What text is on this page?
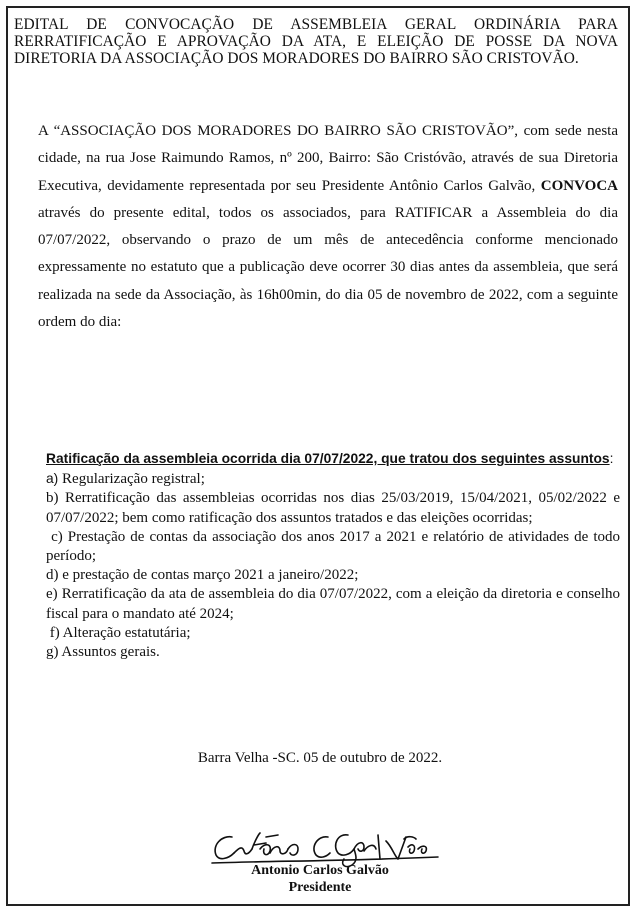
EDITAL DE CONVOCAÇÃO DE ASSEMBLEIA GERAL ORDINÁRIA PARA
RERRATIFICAÇÃO E APROVAÇÃO DA ATA, E ELEIÇÃO DE POSSE DA NOVA
DIRETORIA DA ASSOCIAÇÃO DOS MORADORES DO BAIRRO SÃO CRISTOVÃO.
A “ASSOCIAÇÃO DOS MORADORES DO BAIRRO SÃO CRISTOVÃO”, com sede nesta cidade, na rua Jose Raimundo Ramos, nº 200, Bairro: São Cristóvão, através de sua Diretoria Executiva, devidamente representada por seu Presidente Antônio Carlos Galvão, CONVOCA através do presente edital, todos os associados, para RATIFICAR a Assembleia do dia 07/07/2022, observando o prazo de um mês de antecedência conforme mencionado expressamente no estatuto que a publicação deve ocorrer 30 dias antes da assembleia, que será realizada na sede da Associação, às 16h00min, do dia 05 de novembro de 2022, com a seguinte ordem do dia:
Ratificação da assembleia ocorrida dia 07/07/2022, que tratou dos seguintes assuntos:
a) Regularização registral;
b) Rerratificação das assembleias ocorridas nos dias 25/03/2019, 15/04/2021, 05/02/2022 e 07/07/2022; bem como ratificação dos assuntos tratados e das eleições ocorridas;
c) Prestação de contas da associação dos anos 2017 a 2021 e relatório de atividades de todo período;
d) e prestação de contas março 2021 a janeiro/2022;
e) Rerratificação da ata de assembleia do dia 07/07/2022, com a eleição da diretoria e conselho fiscal para o mandato até 2024;
f) Alteração estatutária;
g) Assuntos gerais.
Barra Velha -SC. 05 de outubro de 2022.
Antonio Carlos Galvão
Presidente
